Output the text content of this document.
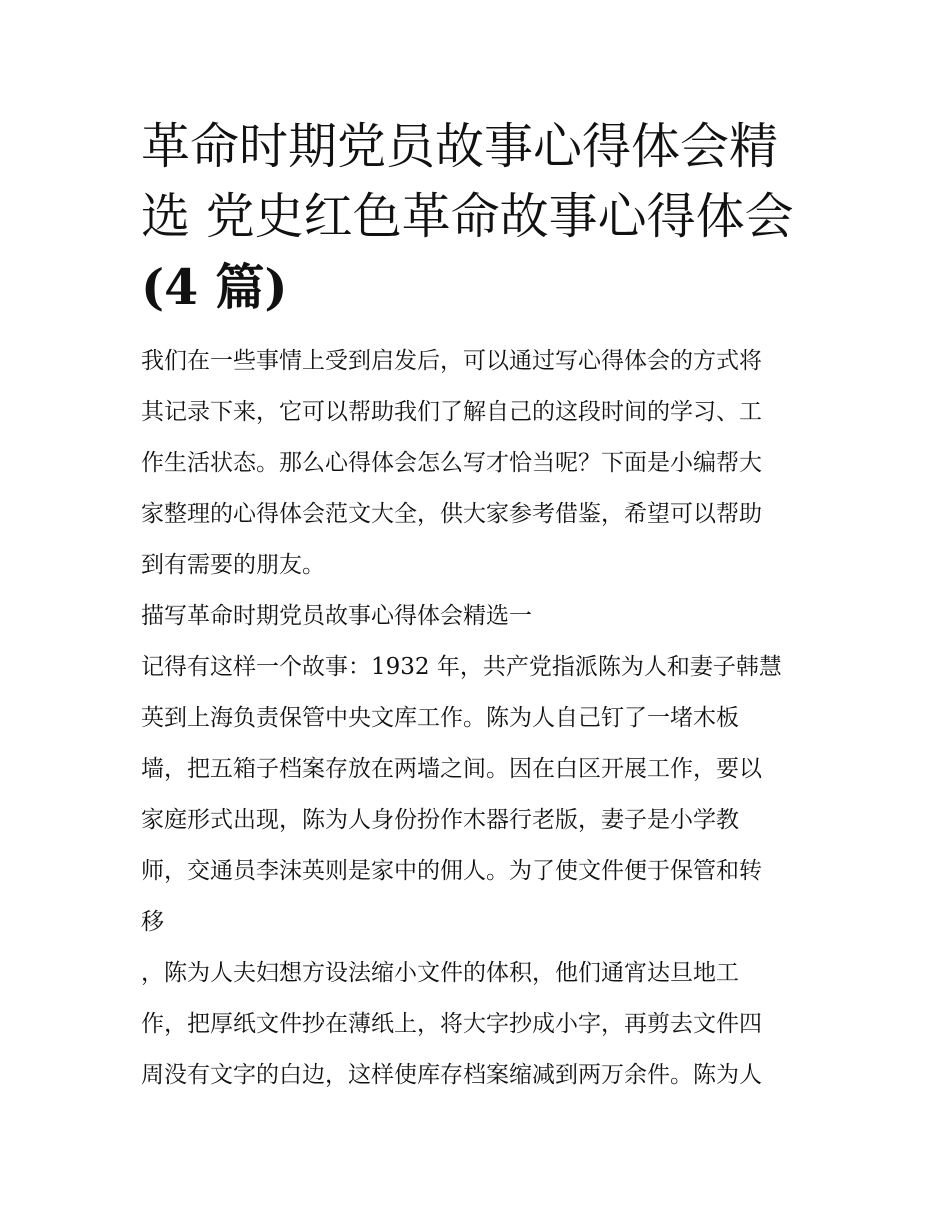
革命时期党员故事心得体会精
选 党史红色革命故事心得体会
(4 篇)

我们在一些事情上受到启发后，可以通过写心得体会的方式将
其记录下来，它可以帮助我们了解自己的这段时间的学习、工
作生活状态。那么心得体会怎么写才恰当呢？下面是小编帮大
家整理的心得体会范文大全，供大家参考借鉴，希望可以帮助
到有需要的朋友。

描写革命时期党员故事心得体会精选一

记得有这样一个故事：1932 年，共产党指派陈为人和妻子韩慧
英到上海负责保管中央文库工作。陈为人自己钉了一堵木板
墙，把五箱子档案存放在两墙之间。因在白区开展工作，要以
家庭形式出现，陈为人身份扮作木器行老版，妻子是小学教
师，交通员李沫英则是家中的佣人。为了使文件便于保管和转
移

，陈为人夫妇想方设法缩小文件的体积，他们通宵达旦地工
作，把厚纸文件抄在薄纸上，将大字抄成小字，再剪去文件四
周没有文字的白边，这样使库存档案缩减到两万余件。陈为人
